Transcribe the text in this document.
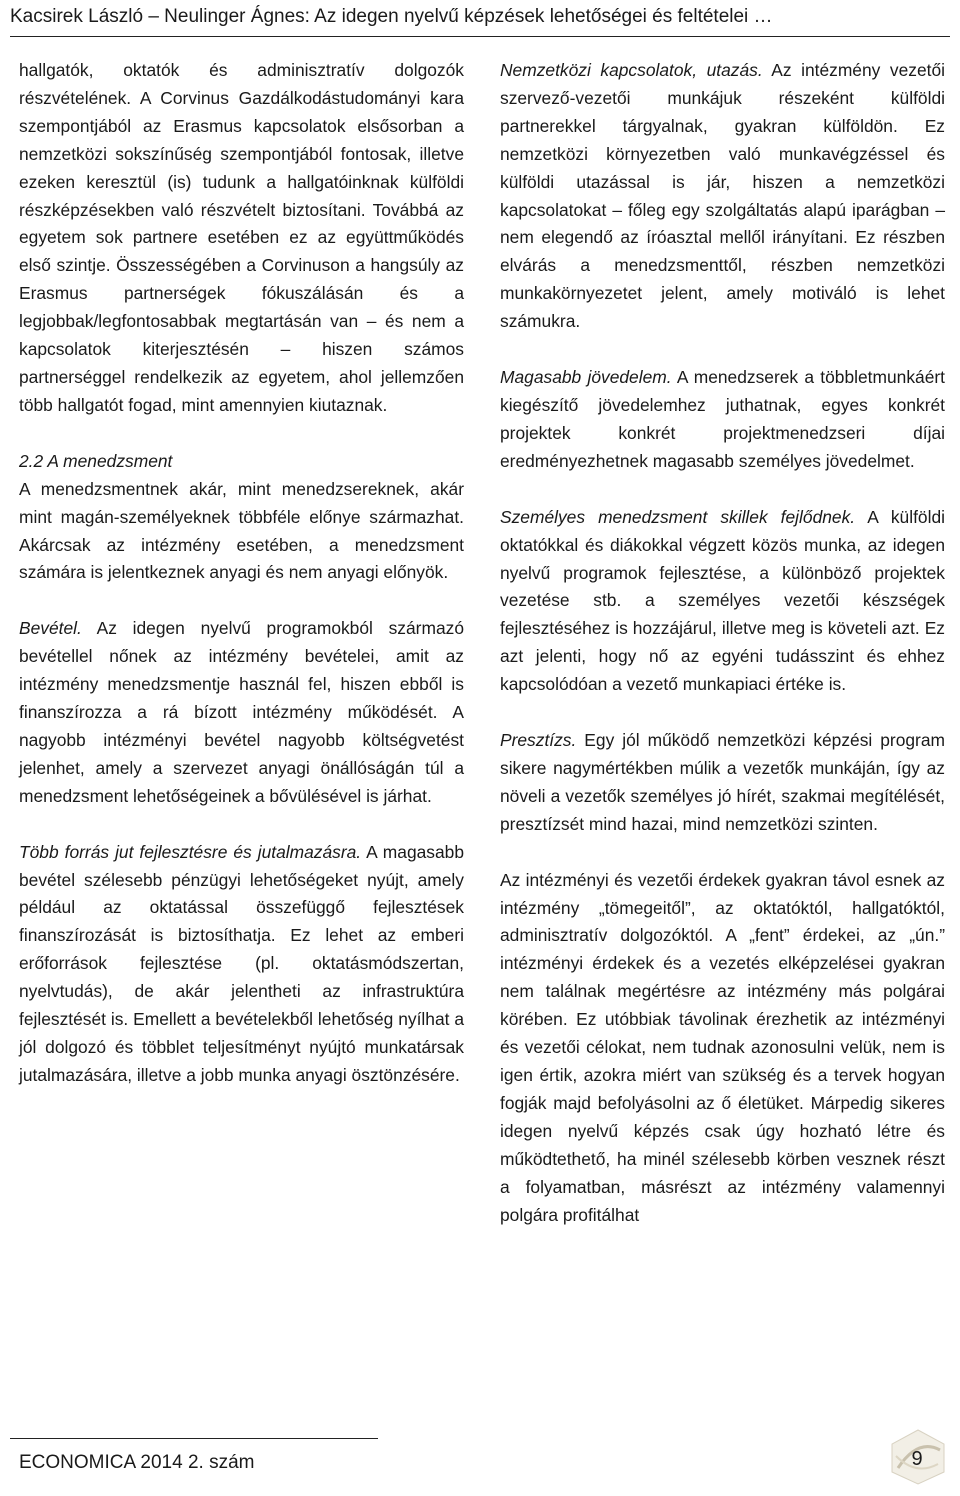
Kacsirek László – Neulinger Ágnes: Az idegen nyelvű képzések lehetőségei és feltételei …

hallgatók, oktatók és adminisztratív dolgozók részvételének. A Corvinus Gazdálkodástudományi kara szempontjából az Erasmus kapcsolatok elsősorban a nemzetközi sokszínűség szempontjából fontosak, illetve ezeken keresztül (is) tudunk a hallgatóinknak külföldi részképzésekben való részvételt biztosítani. Továbbá az egyetem sok partnere esetében ez az együttműködés első szintje. Összességében a Corvinuson a hangsúly az Erasmus partnerségek fókuszálásán és a legjobbak/legfontosabbak megtartásán van – és nem a kapcsolatok kiterjesztésén – hiszen számos partnerséggel rendelkezik az egyetem, ahol jellemzően több hallgatót fogad, mint amennyien kiutaznak.

2.2 A menedzsment

A menedzsmentnek akár, mint menedzsereknek, akár mint magán-személyeknek többféle előnye származhat. Akárcsak az intézmény esetében, a menedzsment számára is jelentkeznek anyagi és nem anyagi előnyök.

Bevétel. Az idegen nyelvű programokból származó bevétellel nőnek az intézmény bevételei, amit az intézmény menedzsmentje használ fel, hiszen ebből is finanszírozza a rá bízott intézmény működését. A nagyobb intézményi bevétel nagyobb költségvetést jelenhet, amely a szervezet anyagi önállóságán túl a menedzsment lehetőségeinek a bővülésével is járhat.

Több forrás jut fejlesztésre és jutalmazásra. A magasabb bevétel szélesebb pénzügyi lehetőségeket nyújt, amely például az oktatással összefüggő fejlesztések finanszírozását is biztosíthatja. Ez lehet az emberi erőforrások fejlesztése (pl. oktatásmódszertan, nyelvtudás), de akár jelentheti az infrastruktúra fejlesztését is. Emellett a bevételekből lehetőség nyílhat a jól dolgozó és többlet teljesítményt nyújtó munkatársak jutalmazására, illetve a jobb munka anyagi ösztönzésére.

Nemzetközi kapcsolatok, utazás. Az intézmény vezetői szervező-vezetői munkájuk részeként külföldi partnerekkel tárgyalnak, gyakran külföldön. Ez nemzetközi környezetben való munkavégzéssel és külföldi utazással is jár, hiszen a nemzetközi kapcsolatokat – főleg egy szolgáltatás alapú iparágban – nem elegendő az íróasztal mellől irányítani. Ez részben elvárás a menedzsmenttől, részben nemzetközi munkakörnyezetet jelent, amely motiváló is lehet számukra.

Magasabb jövedelem. A menedzserek a többletmunkáért kiegészítő jövedelemhez juthatnak, egyes konkrét projektek konkrét projektmenedzseri díjai eredményezhetnek magasabb személyes jövedelmet.

Személyes menedzsment skillek fejlődnek. A külföldi oktatókkal és diákokkal végzett közös munka, az idegen nyelvű programok fejlesztése, a különböző projektek vezetése stb. a személyes vezetői készségek fejlesztéséhez is hozzájárul, illetve meg is követeli azt. Ez azt jelenti, hogy nő az egyéni tudásszint és ehhez kapcsolódóan a vezető munkapiaci értéke is.

Presztízs. Egy jól működő nemzetközi képzési program sikere nagymértékben múlik a vezetők munkáján, így az növeli a vezetők személyes jó hírét, szakmai megítélését, presztízsét mind hazai, mind nemzetközi szinten.

Az intézményi és vezetői érdekek gyakran távol esnek az intézmény „tömegeitől”, az oktatóktól, hallgatóktól, adminisztratív dolgozóktól. A „fent” érdekei, az „ún.” intézményi érdekek és a vezetés elképzelései gyakran nem találnak megértésre az intézmény más polgárai körében. Ez utóbbiak távolinak érezhetik az intézményi és vezetői célokat, nem tudnak azonosulni velük, nem is igen értik, azokra miért van szükség és a tervek hogyan fogják majd befolyásolni az ő életüket. Márpedig sikeres idegen nyelvű képzés csak úgy hozható létre és működtethető, ha minél szélesebb körben vesznek részt a folyamatban, másrészt az intézmény valamennyi polgára profitálhat

ECONOMICA 2014 2. szám	9
